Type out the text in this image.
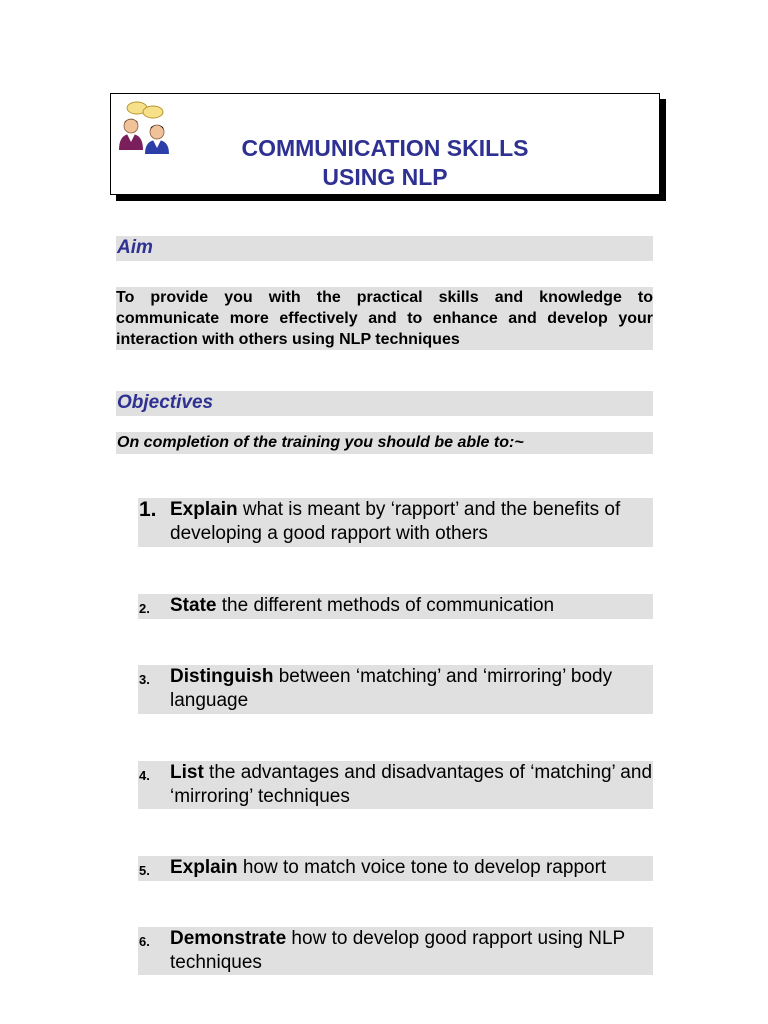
COMMUNICATION SKILLS
USING NLP
Aim
To provide you with the practical skills and knowledge to communicate more effectively and to enhance and develop your interaction with others using NLP techniques
Objectives
On completion of the training you should be able to:~
1. Explain what is meant by ‘rapport’ and the benefits of developing a good rapport with others
2.	State the different methods of communication
3.	Distinguish between ‘matching’ and ‘mirroring’ body language
4.	List the advantages and disadvantages of ‘matching’ and ‘mirroring’ techniques
5.	Explain how to match voice tone to develop rapport
6.	Demonstrate how to develop good rapport using NLP techniques
